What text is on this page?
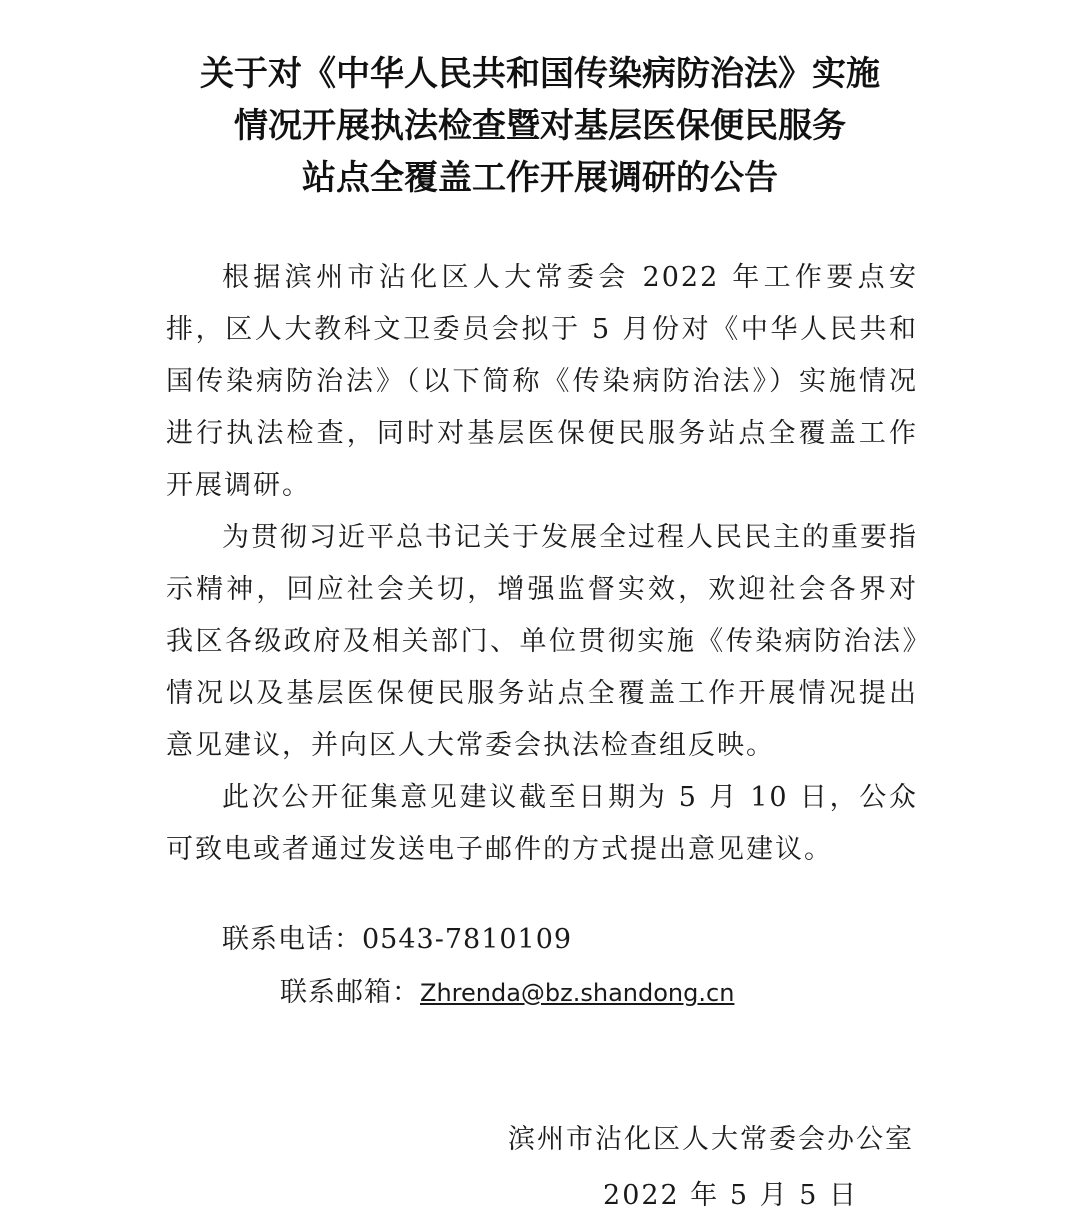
关于对《中华人民共和国传染病防治法》实施
情况开展执法检查暨对基层医保便民服务
站点全覆盖工作开展调研的公告

根据滨州市沾化区人大常委会 2022 年工作要点安排，区人大教科文卫委员会拟于 5 月份对《中华人民共和国传染病防治法》（以下简称《传染病防治法》）实施情况进行执法检查，同时对基层医保便民服务站点全覆盖工作开展调研。

为贯彻习近平总书记关于发展全过程人民民主的重要指示精神，回应社会关切，增强监督实效，欢迎社会各界对我区各级政府及相关部门、单位贯彻实施《传染病防治法》情况以及基层医保便民服务站点全覆盖工作开展情况提出意见建议，并向区人大常委会执法检查组反映。

此次公开征集意见建议截至日期为 5 月 10 日，公众可致电或者通过发送电子邮件的方式提出意见建议。

联系电话：0543-7810109
联系邮箱：Zhrenda@bz.shandong.cn
滨州市沾化区人大常委会办公室
2022 年 5 月 5 日
